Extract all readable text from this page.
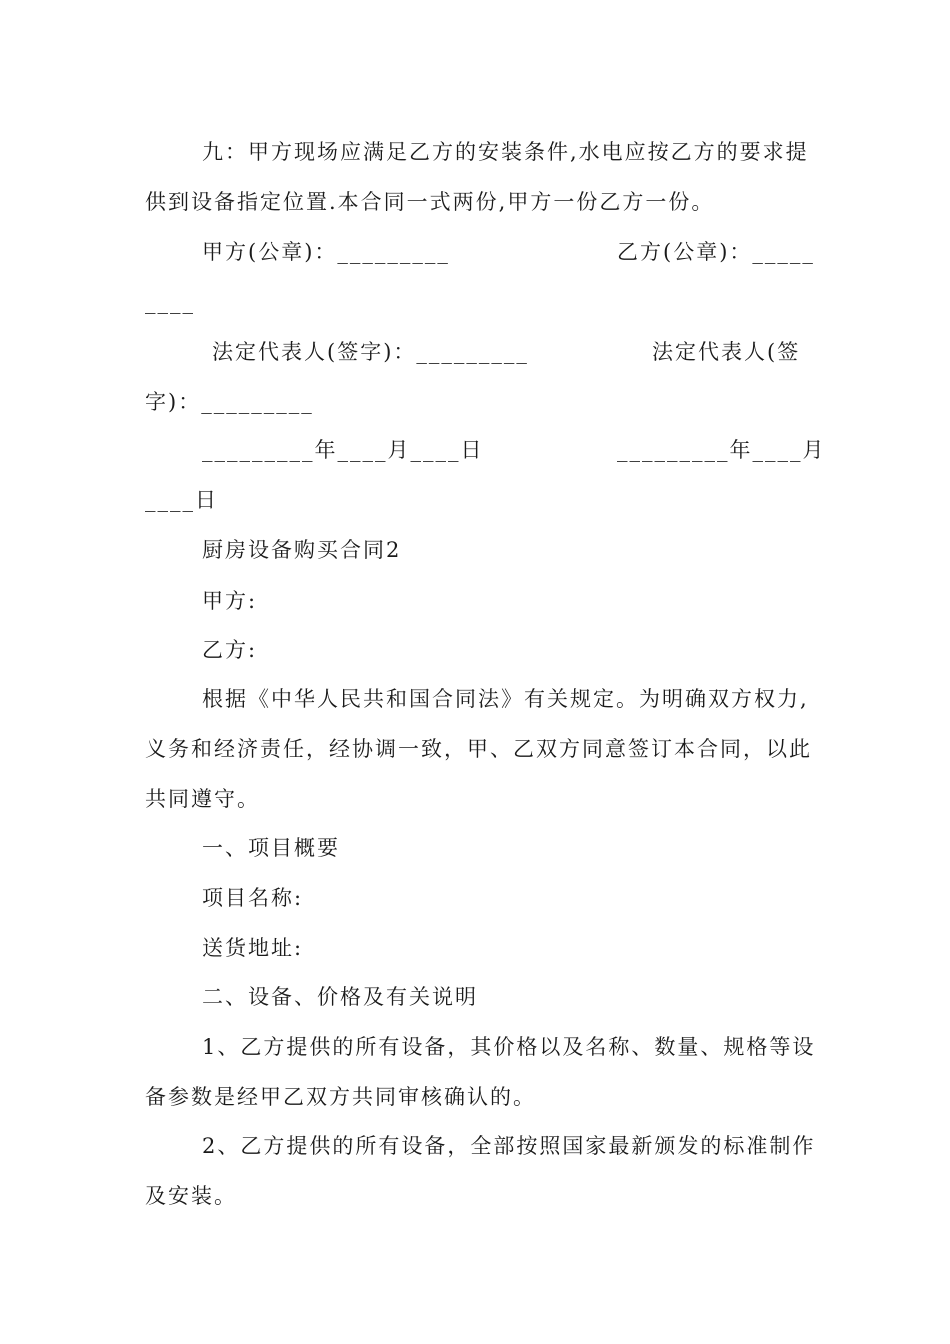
九：甲方现场应满足乙方的安装条件,水电应按乙方的要求提
供到设备指定位置.本合同一式两份,甲方一份乙方一份。
甲方(公章)：_________	乙方(公章)：_____
____
法定代表人(签字)：_________	法定代表人(签
字)：_________
_________年____月____日	_________年____月
____日
厨房设备购买合同2
甲方:
乙方:
根据《中华人民共和国合同法》有关规定。为明确双方权力,
义务和经济责任，经协调一致，甲、乙双方同意签订本合同，以此
共同遵守。
一、项目概要
项目名称:
送货地址:
二、设备、价格及有关说明
1、乙方提供的所有设备，其价格以及名称、数量、规格等设
备参数是经甲乙双方共同审核确认的。
2、乙方提供的所有设备，全部按照国家最新颁发的标准制作
及安装。
